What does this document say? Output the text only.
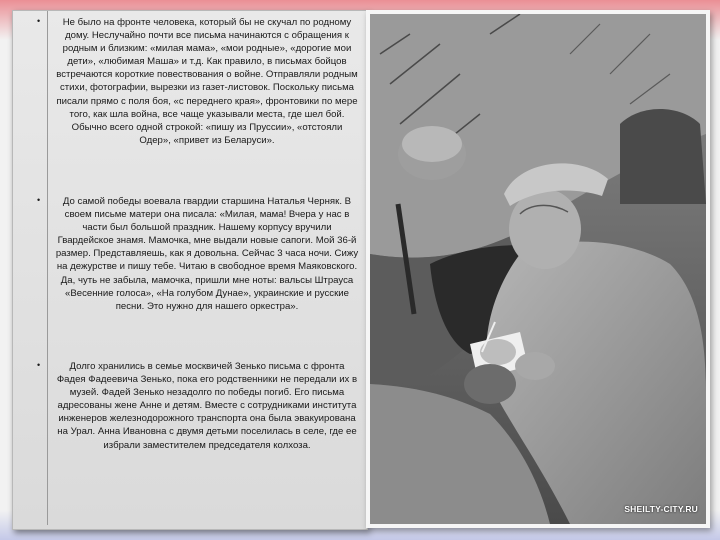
•	Не было на фронте человека, который бы не скучал по родному дому. Неслучайно почти все письма начинаются с обращения к родным и близким: «милая мама», «мои родные», «дорогие мои дети», «любимая Маша» и т.д. Как правило, в письмах бойцов встречаются короткие повествования о войне. Отправляли родным стихи, фотографии, вырезки из газет-листовок. Поскольку письма писали прямо с поля боя, «с переднего края», фронтовики по мере того, как шла война, все чаще указывали места, где шел бой. Обычно всего одной строкой: «пишу из Пруссии», «отстояли Одер», «привет из Беларуси».

•	До самой победы воевала гвардии старшина Наталья Черняк. В своем письме матери она писала: «Милая, мама! Вчера у нас в части был большой праздник. Нашему корпусу вручили Гвардейское знамя. Мамочка, мне выдали новые сапоги. Мой 36-й размер. Представляешь, как я довольна. Сейчас 3 часа ночи. Сижу на дежурстве и пишу тебе. Читаю в свободное время Маяковского. Да, чуть не забыла, мамочка, пришли мне ноты: вальсы Штрауса «Весенние голоса», «На голубом Дунае», украинские и русские песни. Это нужно для нашего оркестра».

•	Долго хранились в семье москвичей Зенько письма с фронта Фадея Фадеевича Зенько, пока его родственники не передали их в музей. Фадей Зенько незадолго по победы погиб. Его письма адресованы жене Анне и детям. Вместе с сотрудниками института инженеров железнодорожного транспорта она была эвакуирована на Урал. Анна Ивановна с двумя детьми поселилась в селе, где ее избрали заместителем председателя колхоза.

SHEILTY-CITY.RU
